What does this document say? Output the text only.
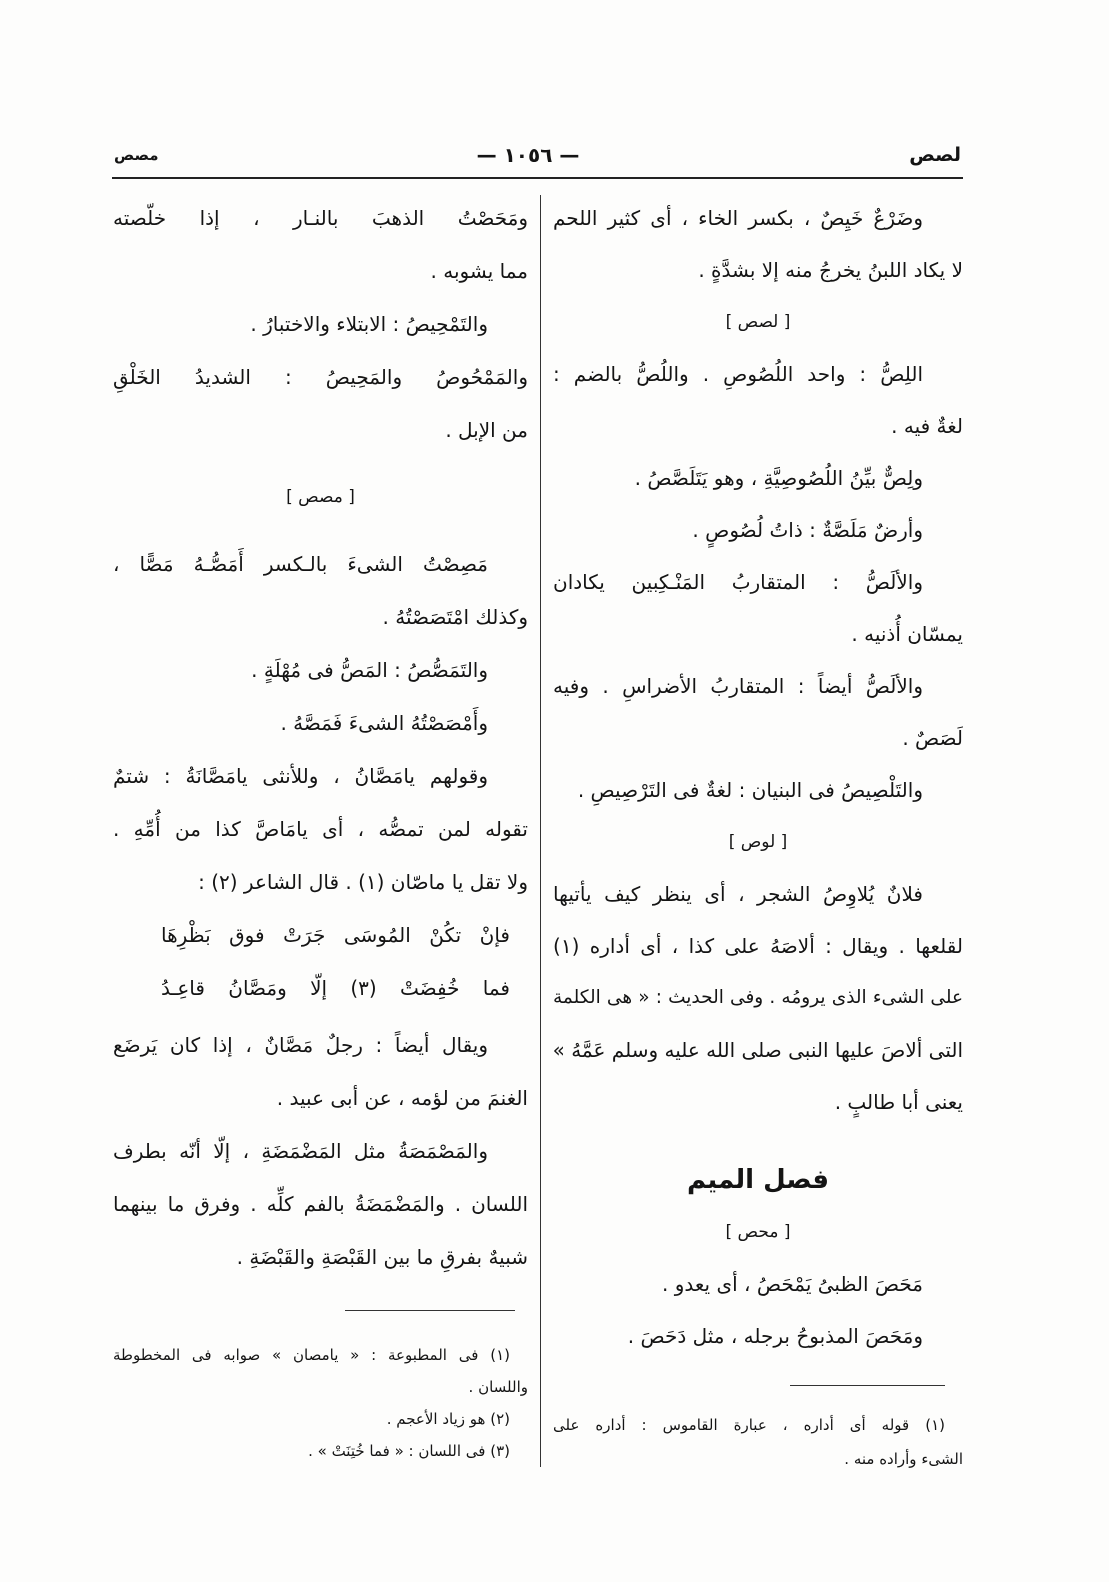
لصص
— ١٠٥٦ —
مصص
وضَرْعٌ خَيِصٌ ، بكسر الخاء ، أى كثير اللحم
لا يكاد اللبنُ يخرجُ منه إلا بشدَّةٍ .
[ لصص ]
اللِصُّ : واحد اللُصُوصِ . واللُصُّ بالضم :
لغةٌ فيه .
ولِصٌّ بيِّنُ اللُصُوصِيَّةِ ، وهو يَتَلَصَّصُ .
وأرضٌ مَلَصَّةٌ : ذاتُ لُصُوصٍ .
والألَصُّ : المتقاربُ المَنْـكِبين يكادان
يمسّان أُذنيه .
والألَصُّ أيضاً : المتقاربُ الأضراسِ . وفيه
لَصَصٌ .
والتَلْصِيصُ فى البنيان : لغةٌ فى التَرْصِيصِ .
[ لوص ]
فلانٌ يُلاوِصُ الشجر ، أى ينظر كيف يأتيها
لقلعها . ويقال : ألاصَهُ على كذا ، أى أداره (١)
على الشىء الذى يرومُه . وفى الحديث : « هى الكلمة
التى ألاصَ عليها النبى صلى الله عليه وسلم عَمَّهُ »
يعنى أبا طالبٍ .
فصل الميم
[ محص ]
مَحَصَ الظبىُ يَمْحَصُ ، أى يعدو .
ومَحَصَ المذبوحُ برجله ، مثل دَحَصَ .
(١) قوله أى أداره ، عبارة القاموس : أداره على
الشىء وأراده منه .
ومَحَصْتُ الذهبَ بالنـار ، إذا خلّصته
مما يشوبه .
والتَمْحِيصُ : الابتلاء والاختبارُ .
والمَمْحُوصُ والمَحِيصُ : الشديدُ الخَلْقِ
من الإبل .
[ مصص ]
مَصِصْتُ الشىءَ بالـكسر أَمَصُّـهُ مَصًّا ،
وكذلك امْتَصَصْتُهُ .
والتَمَصُّصُ : المَصُّ فى مُهْلَةٍ .
وأَمْصَصْتُهُ الشىءَ فَمَصَّهُ .
وقولهم يامَصَّانُ ، وللأنثى يامَصَّانَةُ : شتمٌ
تقوله لمن تمصُّه ، أى يامَاصَّ كذا من أُمِّهِ .
ولا تقل يا ماصّان (١) . قال الشاعر (٢) :
فإنْ تكُنْ المُوسَى جَرَتْ فوق بَظْرِهَا
فما خُفِضَتْ (٣) إلّا ومَصَّانُ قاعِـدُ
ويقال أيضاً : رجلٌ مَصَّانٌ ، إذا كان يَرضَع
الغنمَ من لؤمه ، عن أبى عبيد .
والمَصْمَصَةُ مثل المَضْمَضَةِ ، إلّا أنّه بطرف
اللسان . والمَضْمَضَةُ بالفم كلِّه . وفرق ما بينهما
شبيهٌ بفرقِ ما بين القَبْصَةِ والقَبْضَةِ .
(١) فى المطبوعة : « يامصان » صوابه فى المخطوطة
واللسان .
(٢) هو زياد الأعجم .
(٣) فى اللسان : « فما خُتِنَتْ » .
